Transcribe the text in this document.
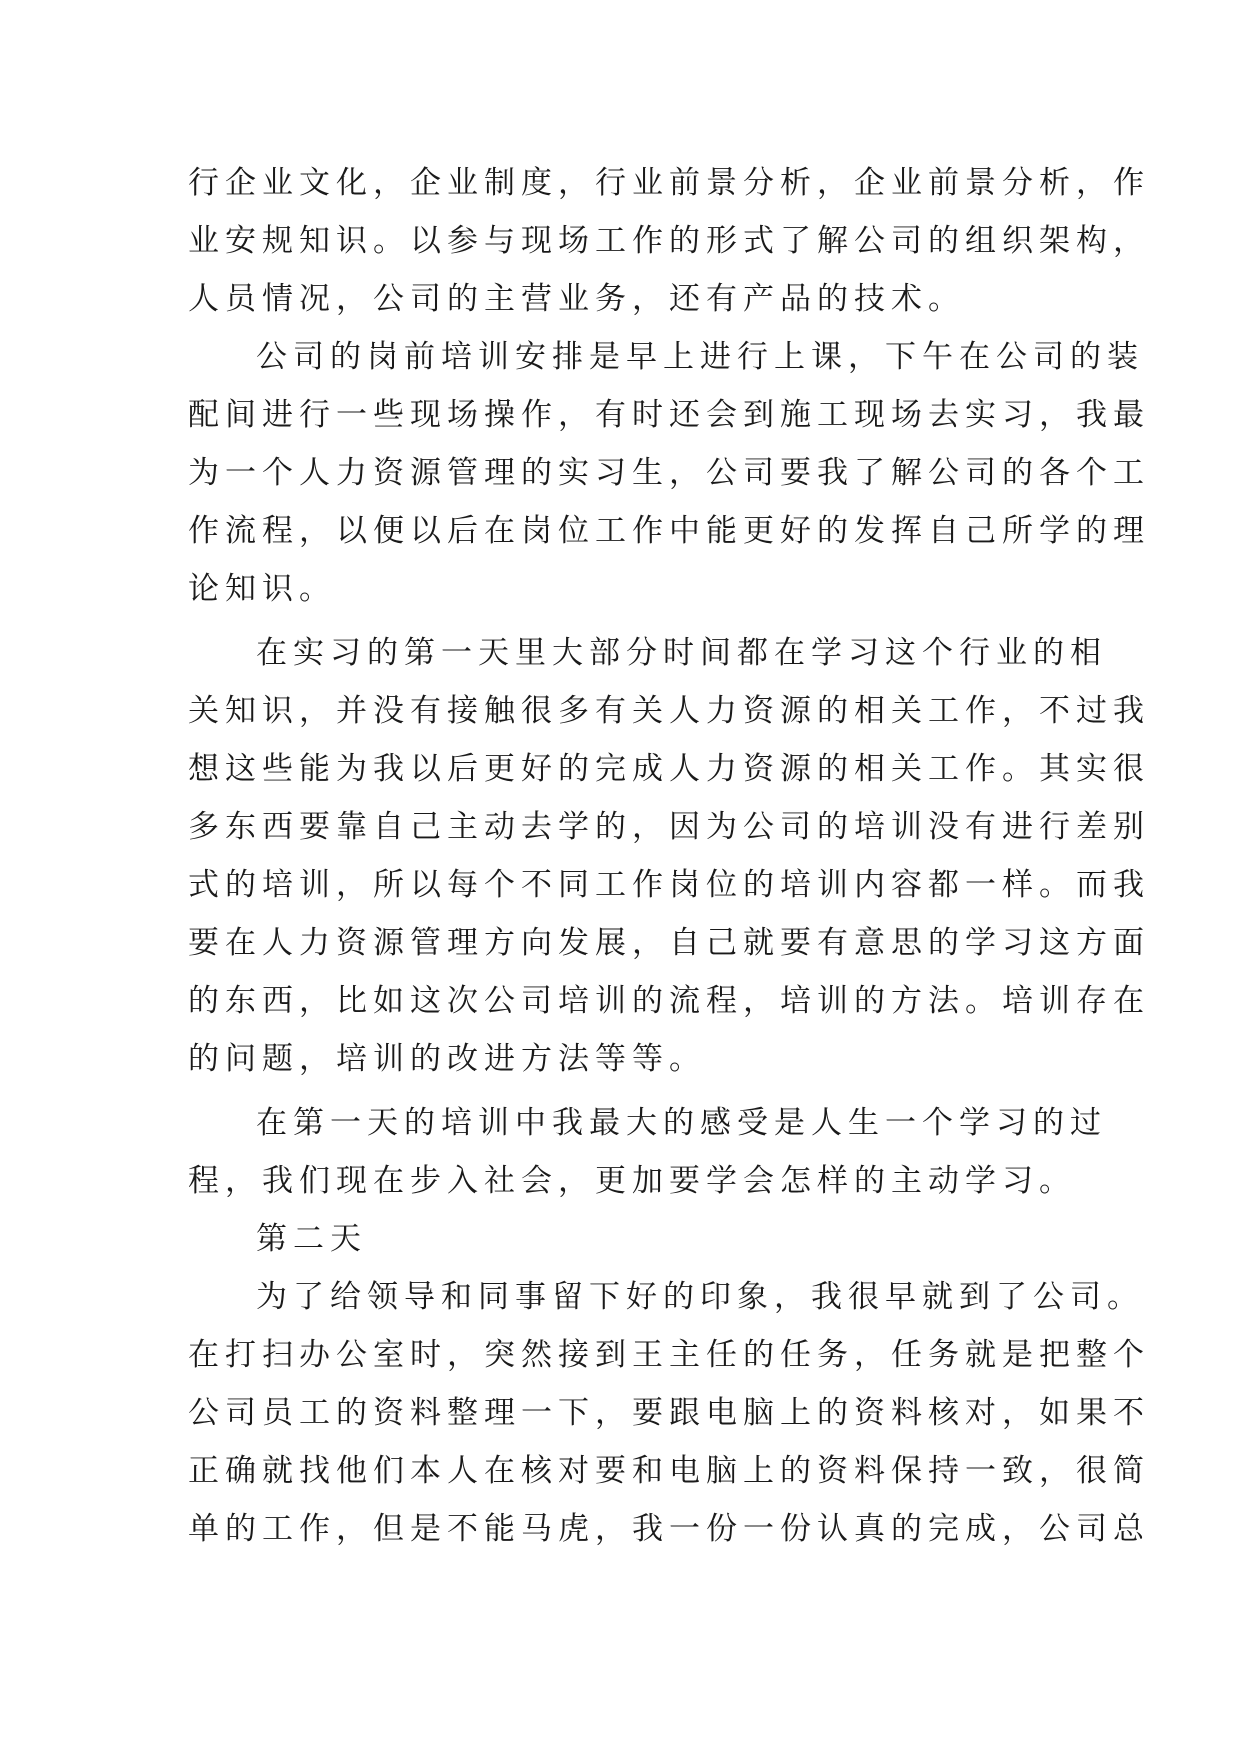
行企业文化，企业制度，行业前景分析，企业前景分析，作
业安规知识。以参与现场工作的形式了解公司的组织架构，
人员情况，公司的主营业务，还有产品的技术。
公司的岗前培训安排是早上进行上课，下午在公司的装
配间进行一些现场操作，有时还会到施工现场去实习，我最
为一个人力资源管理的实习生，公司要我了解公司的各个工
作流程，以便以后在岗位工作中能更好的发挥自己所学的理
论知识。
在实习的第一天里大部分时间都在学习这个行业的相
关知识，并没有接触很多有关人力资源的相关工作，不过我
想这些能为我以后更好的完成人力资源的相关工作。其实很
多东西要靠自己主动去学的，因为公司的培训没有进行差别
式的培训，所以每个不同工作岗位的培训内容都一样。而我
要在人力资源管理方向发展，自己就要有意思的学习这方面
的东西，比如这次公司培训的流程，培训的方法。培训存在
的问题，培训的改进方法等等。
在第一天的培训中我最大的感受是人生一个学习的过
程，我们现在步入社会，更加要学会怎样的主动学习。
第二天
为了给领导和同事留下好的印象，我很早就到了公司。
在打扫办公室时，突然接到王主任的任务，任务就是把整个
公司员工的资料整理一下，要跟电脑上的资料核对，如果不
正确就找他们本人在核对要和电脑上的资料保持一致，很简
单的工作，但是不能马虎，我一份一份认真的完成，公司总
